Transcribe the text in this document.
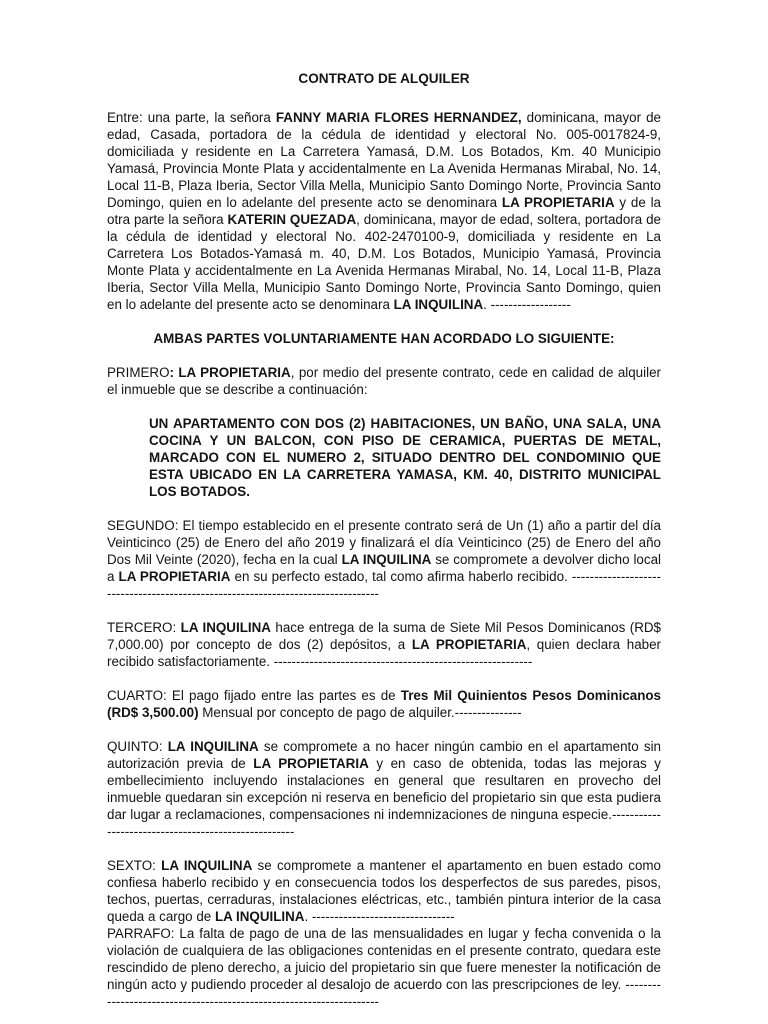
CONTRATO DE ALQUILER

Entre: una parte, la señora FANNY MARIA FLORES HERNANDEZ, dominicana, mayor de edad, Casada, portadora de la cédula de identidad y electoral No. 005-0017824-9, domiciliada y residente en La Carretera Yamasá, D.M. Los Botados, Km. 40 Municipio Yamasá, Provincia Monte Plata y accidentalmente en La Avenida Hermanas Mirabal, No. 14, Local 11-B, Plaza Iberia, Sector Villa Mella, Municipio Santo Domingo Norte, Provincia Santo Domingo, quien en lo adelante del presente acto se denominara LA PROPIETARIA y de la otra parte la señora KATERIN QUEZADA, dominicana, mayor de edad, soltera, portadora de la cédula de identidad y electoral No. 402-2470100-9, domiciliada y residente en La Carretera Los Botados-Yamasá m. 40, D.M. Los Botados, Municipio Yamasá, Provincia Monte Plata y accidentalmente en La Avenida Hermanas Mirabal, No. 14, Local 11-B, Plaza Iberia, Sector Villa Mella, Municipio Santo Domingo Norte, Provincia Santo Domingo, quien en lo adelante del presente acto se denominara LA INQUILINA. ------------------

AMBAS PARTES VOLUNTARIAMENTE HAN ACORDADO LO SIGUIENTE:

PRIMERO: LA PROPIETARIA, por medio del presente contrato, cede en calidad de alquiler el inmueble que se describe a continuación:

UN APARTAMENTO CON DOS (2) HABITACIONES, UN BAÑO, UNA SALA, UNA COCINA Y UN BALCON, CON PISO DE CERAMICA, PUERTAS DE METAL, MARCADO CON EL NUMERO 2, SITUADO DENTRO DEL CONDOMINIO QUE ESTA UBICADO EN LA CARRETERA YAMASA, KM. 40, DISTRITO MUNICIPAL LOS BOTADOS.

SEGUNDO: El tiempo establecido en el presente contrato será de Un (1) año a partir del día Veinticinco (25) de Enero del año 2019 y finalizará el día Veinticinco (25) de Enero del año Dos Mil Veinte (2020), fecha en la cual LA INQUILINA se compromete a devolver dicho local a LA PROPIETARIA en su perfecto estado, tal como afirma haberlo recibido. ---------------------------------------------------------------------------------

TERCERO: LA INQUILINA hace entrega de la suma de Siete Mil Pesos Dominicanos (RD$ 7,000.00) por concepto de dos (2) depósitos, a LA PROPIETARIA, quien declara haber recibido satisfactoriamente. ----------------------------------------------------------

CUARTO: El pago fijado entre las partes es de Tres Mil Quinientos Pesos Dominicanos (RD$ 3,500.00) Mensual por concepto de pago de alquiler.---------------

QUINTO: LA INQUILINA se compromete a no hacer ningún cambio en el apartamento sin autorización previa de LA PROPIETARIA y en caso de obtenida, todas las mejoras y embellecimiento incluyendo instalaciones en general que resultaren en provecho del inmueble quedaran sin excepción ni reserva en beneficio del propietario sin que esta pudiera dar lugar a reclamaciones, compensaciones ni indemnizaciones de ninguna especie.-----------------------------------------------------

SEXTO: LA INQUILINA se compromete a mantener el apartamento en buen estado como confiesa haberlo recibido y en consecuencia todos los desperfectos de sus paredes, pisos, techos, puertas, cerraduras, instalaciones eléctricas, etc., también pintura interior de la casa queda a cargo de LA INQUILINA. --------------------------------

PARRAFO: La falta de pago de una de las mensualidades en lugar y fecha convenida o la violación de cualquiera de las obligaciones contenidas en el presente contrato, quedara este rescindido de pleno derecho, a juicio del propietario sin que fuere menester la notificación de ningún acto y pudiendo proceder al desalojo de acuerdo con las prescripciones de ley. ---------------------------------------------------------------------
